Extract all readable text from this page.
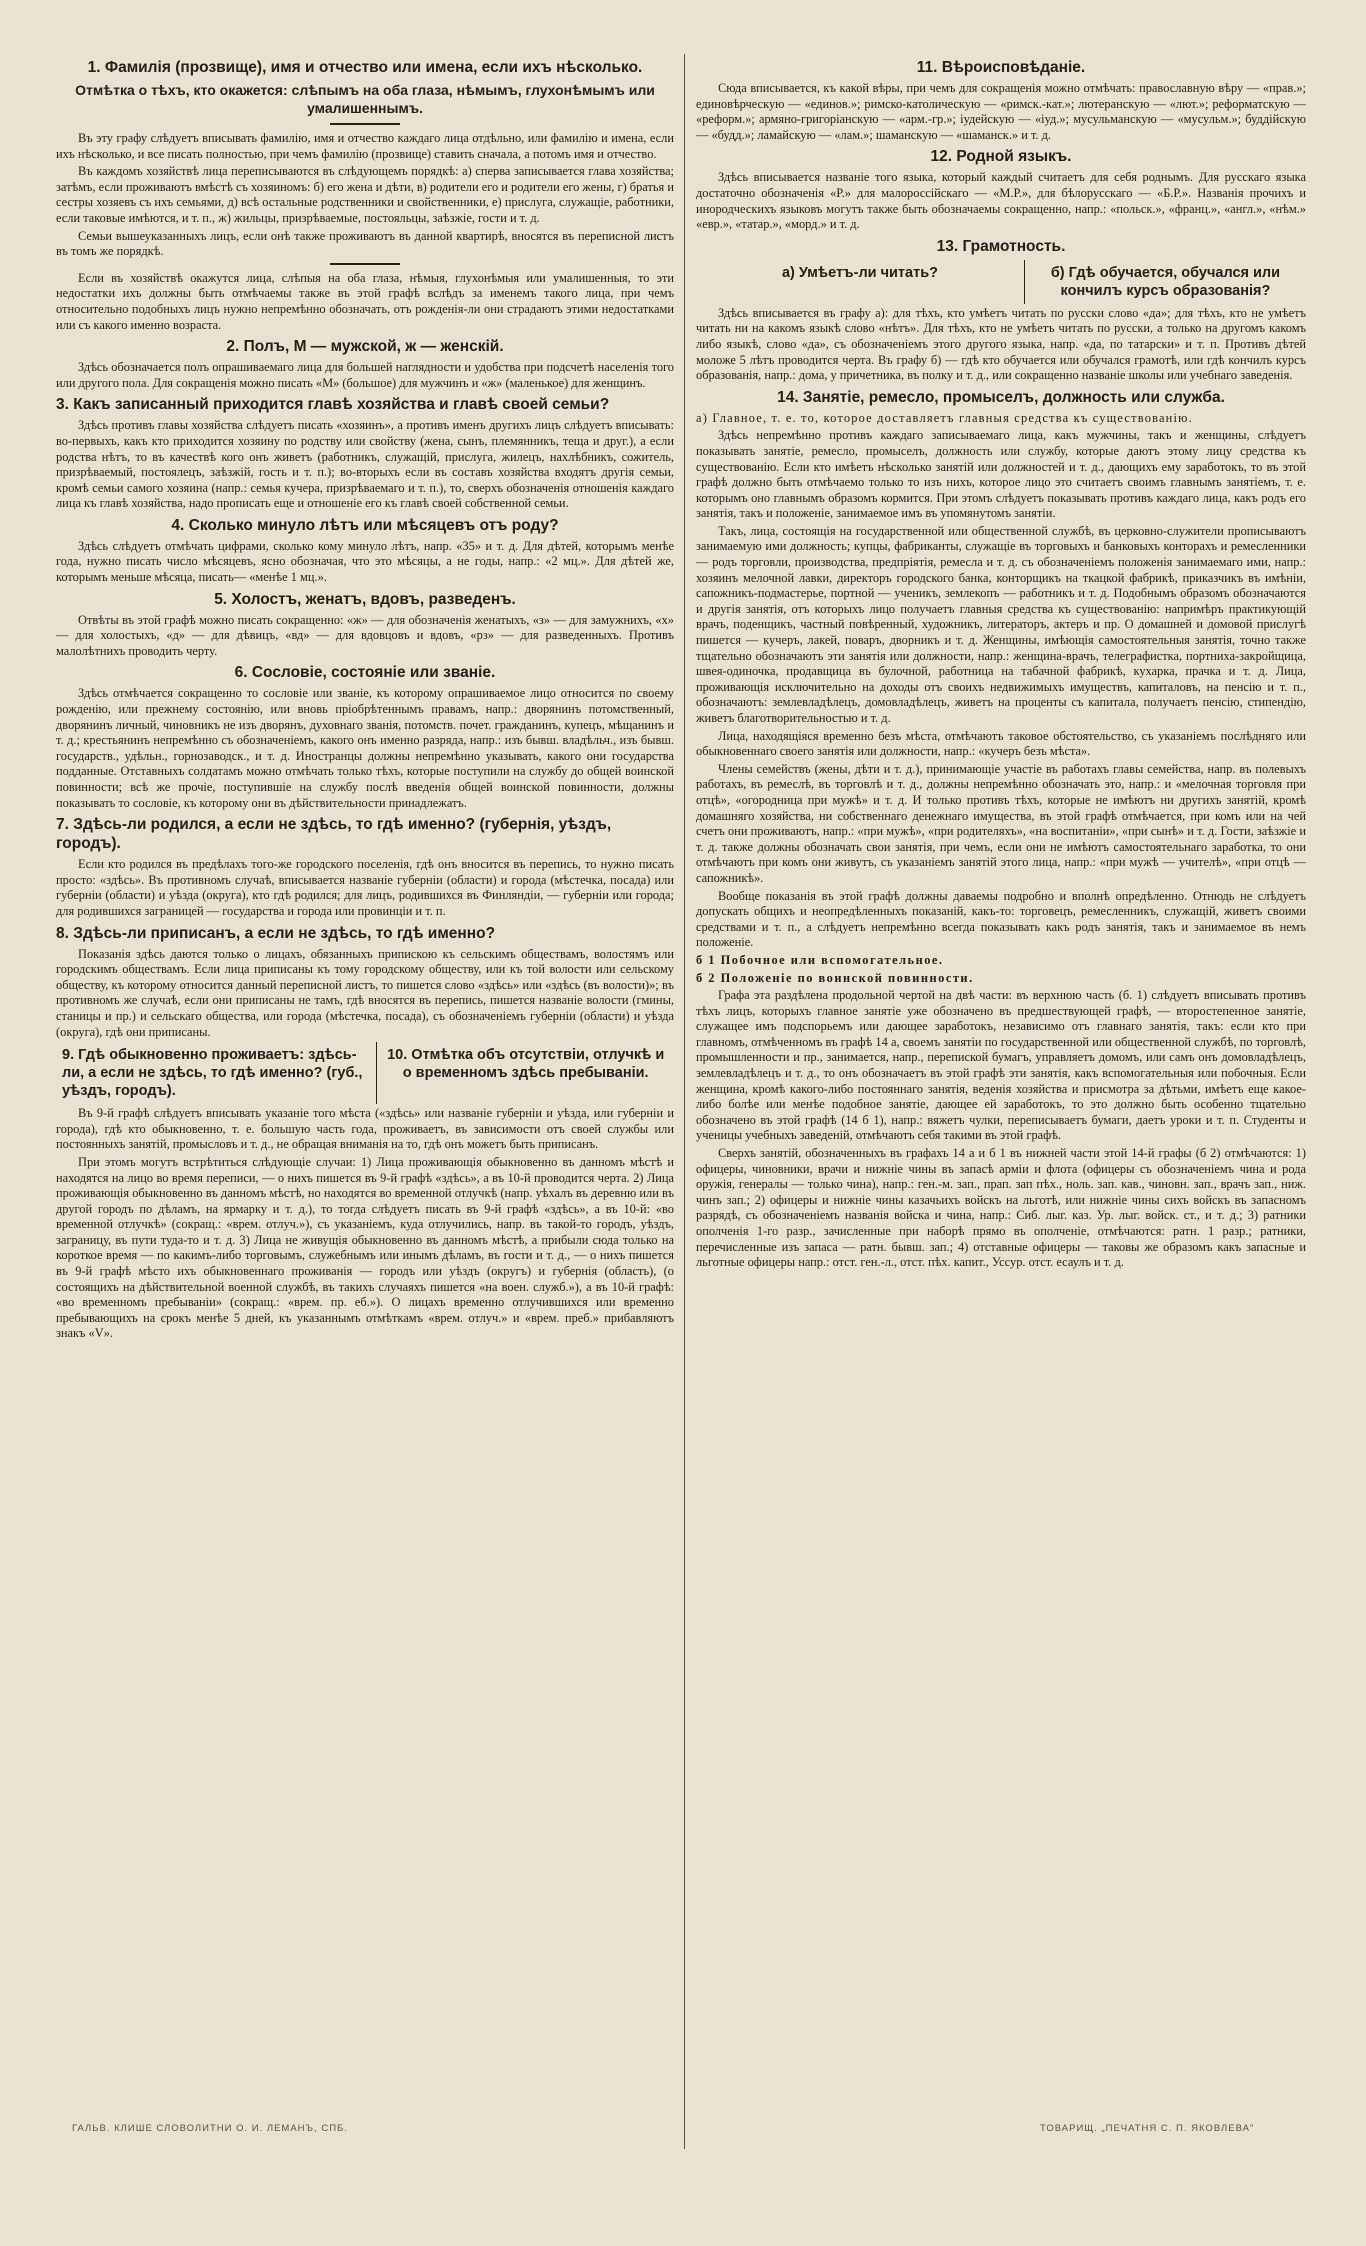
1. Фамилія (прозвище), имя и отчество или имена, если ихъ нѣсколько.
Отмѣтка о тѣхъ, кто окажется: слѣпымъ на оба глаза, нѣмымъ, глухонѣмымъ или умалишеннымъ.

Въ эту графу слѣдуетъ вписывать фамилію, имя и отчество каждаго лица отдѣльно, или фамилію и имена, если ихъ нѣсколько, и все писать полностью, при чемъ фамилію (прозвище) ставить сначала, а потомъ имя и отчество.

Въ каждомъ хозяйствѣ лица переписываются въ слѣдующемъ порядкѣ: а) сперва записывается глава хозяйства; затѣмъ, если проживаютъ вмѣстѣ съ хозяиномъ: б) его жена и дѣти, в) родители его и родители его жены, г) братья и сестры хозяевъ съ ихъ семьями, д) всѣ остальные родственники и свойственники, е) прислуга, служащіе, работники, если таковые имѣются, и т. п., ж) жильцы, призрѣваемые, постояльцы, заѣзжіе, гости и т. д.

Семьи вышеуказанныхъ лицъ, если онѣ также проживаютъ въ данной квартирѣ, вносятся въ переписной листъ въ томъ же порядкѣ.

Если въ хозяйствѣ окажутся лица, слѣпыя на оба глаза, нѣмыя, глухонѣмыя или умалишенныя, то эти недостатки ихъ должны быть отмѣчаемы также въ этой графѣ вслѣдъ за именемъ такого лица, при чемъ относительно подобныхъ лицъ нужно непремѣнно обозначать, отъ рожденія-ли они страдаютъ этими недостатками или съ какого именно возраста.

2. Полъ, М — мужской, ж — женскій.

Здѣсь обозначается полъ опрашиваемаго лица для большей наглядности и удобства при подсчетѣ населенія того или другого пола. Для сокращенія можно писать «М» (большое) для мужчинъ и «ж» (маленькое) для женщинъ.

3. Какъ записанный приходится главѣ хозяйства и главѣ своей семьи?

Здѣсь противъ главы хозяйства слѣдуетъ писать «хозяинъ», а противъ именъ другихъ лицъ слѣдуетъ вписывать: во-первыхъ, какъ кто приходится хозяину по родству или свойству (жена, сынъ, племянникъ, теща и друг.), а если родства нѣтъ, то въ качествѣ кого онъ живетъ (работникъ, служащій, прислуга, жилецъ, нахлѣбникъ, сожитель, призрѣваемый, постоялецъ, заѣзжій, гость и т. п.); во-вторыхъ если въ составъ хозяйства входятъ другія семьи, кромѣ семьи самого хозяина (напр.: семья кучера, призрѣваемаго и т. п.), то, сверхъ обозначенія отношенія каждаго лица къ главѣ хозяйства, надо прописать еще и отношеніе его къ главѣ своей собственной семьи.

4. Сколько минуло лѣтъ или мѣсяцевъ отъ роду?

Здѣсь слѣдуетъ отмѣчать цифрами, сколько кому минуло лѣтъ, напр. «35» и т. д. Для дѣтей, которымъ менѣе года, нужно писать число мѣсяцевъ, ясно обозначая, что это мѣсяцы, а не годы, напр.: «2 мц.». Для дѣтей же, которымъ меньше мѣсяца, писать— «менѣе 1 мц.».

5. Холостъ, женатъ, вдовъ, разведенъ.

Отвѣты въ этой графѣ можно писать сокращенно: «ж» — для обозначенія женатыхъ, «з» — для замужнихъ, «х» — для холостыхъ, «д» — для дѣвицъ, «вд» — для вдовцовъ и вдовъ, «рз» — для разведенныхъ. Противъ малолѣтнихъ проводить черту.

6. Сословіе, состояніе или званіе.

Здѣсь отмѣчается сокращенно то сословіе или званіе, къ которому опрашиваемое лицо относится по своему рожденію, или прежнему состоянію, или вновь пріобрѣтеннымъ правамъ, напр.: дворянинъ потомственный, дворянинъ личный, чиновникъ не изъ дворянъ, духовнаго званія, потомств. почет. гражданинъ, купецъ, мѣщанинъ и т. д.; крестьянинъ непремѣнно съ обозначеніемъ, какого онъ именно разряда, напр.: изъ бывш. владѣльч., изъ бывш. государств., удѣльн., горнозаводск., и т. д. Иностранцы должны непремѣнно указывать, какого они государства подданные. Отставныхъ солдатамъ можно отмѣчать только тѣхъ, которые поступили на службу до общей воинской повинности; всѣ же прочіе, поступившіе на службу послѣ введенія общей воинской повинности, должны показывать то сословіе, къ которому они въ дѣйствительности принадлежатъ.

7. Здѣсь-ли родился, а если не здѣсь, то гдѣ именно? (губернія, уѣздъ, городъ).

Если кто родился въ предѣлахъ того-же городского поселенія, гдѣ онъ вносится въ перепись, то нужно писать просто: «здѣсь». Въ противномъ случаѣ, вписывается названіе губерніи (области) и города (мѣстечка, посада) или губерніи (области) и уѣзда (округа), кто гдѣ родился; для лицъ, родившихся въ Финляндіи, — губерніи или города; для родившихся заграницей — государства и города или провинціи и т. п.

8. Здѣсь-ли приписанъ, а если не здѣсь, то гдѣ именно?

Показанія здѣсь даются только о лицахъ, обязанныхъ припискою къ сельскимъ обществамъ, волостямъ или городскимъ обществамъ. Если лица приписаны къ тому городскому обществу, или къ той волости или сельскому обществу, къ которому относится данный переписной листъ, то пишется слово «здѣсь» или «здѣсь (въ волости)»; въ противномъ же случаѣ, если они приписаны не тамъ, гдѣ вносятся въ перепись, пишется названіе волости (гмины, станицы и пр.) и сельскаго общества, или города (мѣстечка, посада), съ обозначеніемъ губерніи (области) и уѣзда (округа), гдѣ они приписаны.

9. Гдѣ обыкновенно проживаетъ: здѣсь-ли, а если не здѣсь, то гдѣ именно? (губ., уѣздъ, городъ).
10. Отмѣтка объ отсутствіи, отлучкѣ и о временномъ здѣсь пребываніи.

Въ 9-й графѣ слѣдуетъ вписывать указаніе того мѣста («здѣсь» или названіе губерніи и уѣзда, или губерніи и города), гдѣ кто обыкновенно, т. е. большую часть года, проживаетъ, въ зависимости отъ своей службы или постоянныхъ занятій, промысловъ и т. д., не обращая вниманія на то, гдѣ онъ можетъ быть приписанъ.

При этомъ могутъ встрѣтиться слѣдующіе случаи: 1) Лица проживающія обыкновенно въ данномъ мѣстѣ и находятся на лицо во время переписи, — о нихъ пишется въ 9-й графѣ «здѣсь», а въ 10-й проводится черта. 2) Лица проживающія обыкновенно въ данномъ мѣстѣ, но находятся во временной отлучкѣ (напр. уѣхалъ въ деревню или въ другой городъ по дѣламъ, на ярмарку и т. д.), то тогда слѣдуетъ писать въ 9-й графѣ «здѣсь», а въ 10-й: «во временной отлучкѣ» (сокращ.: «врем. отлуч.»), съ указаніемъ, куда отлучились, напр. въ такой-то городъ, уѣздъ, заграницу, въ пути туда-то и т. д. 3) Лица не живущія обыкновенно въ данномъ мѣстѣ, а прибыли сюда только на короткое время — по какимъ-либо торговымъ, служебнымъ или инымъ дѣламъ, въ гости и т. д., — о нихъ пишется въ 9-й графѣ мѣсто ихъ обыкновеннаго проживанія — городъ или уѣздъ (округъ) и губернія (область), (о состоящихъ на дѣйствительной военной службѣ, въ такихъ случаяхъ пишется «на воен. служб.»), а въ 10-й графѣ: «во временномъ пребываніи» (сокращ.: «врем. пр. еб.»). О лицахъ временно отлучившихся или временно пребывающихъ на срокъ менѣе 5 дней, къ указаннымъ отмѣткамъ «врем. отлуч.» и «врем. преб.» прибавляютъ знакъ «V».

11. Вѣроисповѣданіе.

Сюда вписывается, къ какой вѣры, при чемъ для сокращенія можно отмѣчать: православную вѣру — «прав.»; единовѣрческую — «единов.»; римско-католическую — «римск.-кат.»; лютеранскую — «лют.»; реформатскую — «реформ.»; армяно-григоріанскую — «арм.-гр.»; іудейскую — «іуд.»; мусульманскую — «мусульм.»; буддійскую — «будд.»; ламайскую — «лам.»; шаманскую — «шаманск.» и т. д.

12. Родной языкъ.

Здѣсь вписывается названіе того языка, который каждый считаетъ для себя роднымъ. Для русскаго языка достаточно обозначенія «Р.» для малороссійскаго — «М.Р.», для бѣлорусскаго — «Б.Р.». Названія прочихъ и инородческихъ языковъ могутъ также быть обозначаемы сокращенно, напр.: «польск.», «франц.», «англ.», «нѣм.» «евр.», «татар.», «морд.» и т. д.

13. Грамотность.
а) Умѣетъ-ли читать?	б) Гдѣ обучается, обучался или кончилъ курсъ образованія?

Здѣсь вписывается въ графу а): для тѣхъ, кто умѣетъ читать по русски слово «да»; для тѣхъ, кто не умѣетъ читать ни на какомъ языкѣ слово «нѣтъ». Для тѣхъ, кто не умѣетъ читать по русски, а только на другомъ какомъ либо языкѣ, слово «да», съ обозначеніемъ этого другого языка, напр. «да, по татарски» и т. п. Противъ дѣтей моложе 5 лѣтъ проводится черта. Въ графу б) — гдѣ кто обучается или обучался грамотѣ, или гдѣ кончилъ курсъ образованія, напр.: дома, у причетника, въ полку и т. д., или сокращенно названіе школы или учебнаго заведенія.

14. Занятіе, ремесло, промыселъ, должность или служба.

а) Главное, т. е. то, которое доставляетъ главныя средства къ существованію.

Здѣсь непремѣнно противъ каждаго записываемаго лица, какъ мужчины, такъ и женщины, слѣдуетъ показывать занятіе, ремесло, промыселъ, должность или службу, которые даютъ этому лицу средства къ существованію. Если кто имѣетъ нѣсколько занятій или должностей и т. д., дающихъ ему заработокъ, то въ этой графѣ должно быть отмѣчаемо только то изъ нихъ, которое лицо это считаетъ своимъ главнымъ занятіемъ, т. е. которымъ оно главнымъ образомъ кормится. При этомъ слѣдуетъ показывать противъ каждаго лица, какъ родъ его занятія, такъ и положеніе, занимаемое имъ въ упомянутомъ занятіи.

Такъ, лица, состоящія на государственной или общественной службѣ, въ церковно-служители прописываютъ занимаемую ими должность; купцы, фабриканты, служащіе въ торговыхъ и банковыхъ конторахъ и ремесленники — родъ торговли, производства, предпріятія, ремесла и т. д. съ обозначеніемъ положенія занимаемаго ими, напр.: хозяинъ мелочной лавки, директоръ городского банка, конторщикъ на ткацкой фабрикѣ, приказчикъ въ имѣніи, сапожникъ-подмастерье, портной — ученикъ, землекопъ — работникъ и т. д. Подобнымъ образомъ обозначаются и другія занятія, отъ которыхъ лицо получаетъ главныя средства къ существованію: напримѣръ практикующій врачъ, поденщикъ, частный повѣренный, художникъ, литераторъ, актеръ и пр. О домашней и домовой прислугѣ пишется — кучеръ, лакей, поваръ, дворникъ и т. д. Женщины, имѣющія самостоятельныя занятія, точно также тщательно обозначаютъ эти занятія или должности, напр.: женщина-врачъ, телеграфистка, портниха-закройщица, швея-одиночка, продавщица въ булочной, работница на табачной фабрикѣ, кухарка, прачка и т. д. Лица, проживающія исключительно на доходы отъ своихъ недвижимыхъ имуществъ, капиталовъ, на пенсію и т. п., обозначаютъ: землевладѣлецъ, домовладѣлецъ, живетъ на проценты съ капитала, получаетъ пенсію, стипендію, живетъ благотворительностью и т. д.

Лица, находящіяся временно безъ мѣста, отмѣчаютъ таковое обстоятельство, съ указаніемъ послѣдняго или обыкновеннаго своего занятія или должности, напр.: «кучеръ безъ мѣста».

Члены семействъ (жены, дѣти и т. д.), принимающіе участіе въ работахъ главы семейства, напр. въ полевыхъ работахъ, въ ремеслѣ, въ торговлѣ и т. д., должны непремѣнно обозначать это, напр.: и «мелочная торговля при отцѣ», «огородница при мужѣ» и т. д. И только противъ тѣхъ, которые не имѣютъ ни другихъ занятій, кромѣ домашняго хозяйства, ни собственнаго денежнаго имущества, въ этой графѣ отмѣчается, при комъ или на чей счетъ они проживаютъ, напр.: «при мужѣ», «при родителяхъ», «на воспитаніи», «при сынѣ» и т. д. Гости, заѣзжіе и т. д. также должны обозначать свои занятія, при чемъ, если они не имѣютъ самостоятельнаго заработка, то они отмѣчаютъ при комъ они живутъ, съ указаніемъ занятій этого лица, напр.: «при мужѣ — учителѣ», «при отцѣ — сапожникѣ».

Вообще показанія въ этой графѣ должны даваемы подробно и вполнѣ опредѣленно. Отнюдь не слѣдуетъ допускать общихъ и неопредѣленныхъ показаній, какъ-то: торговецъ, ремесленникъ, служащій, живетъ своими средствами и т. п., а слѣдуетъ непремѣнно всегда показывать какъ родъ занятія, такъ и занимаемое въ немъ положеніе.

б 1 Побочное или вспомогательное.

б 2 Положеніе по воинской повинности.

Графа эта раздѣлена продольной чертой на двѣ части: въ верхнюю часть (б. 1) слѣдуетъ вписывать противъ тѣхъ лицъ, которыхъ главное занятіе уже обозначено въ предшествующей графѣ, — второстепенное занятіе, служащее имъ подспорьемъ или дающее заработокъ, независимо отъ главнаго занятія, такъ: если кто при главномъ, отмѣченномъ въ графѣ 14 а, своемъ занятіи по государственной или общественной службѣ, по торговлѣ, промышленности и пр., занимается, напр., перепиской бумагъ, управляетъ домомъ, или самъ онъ домовладѣлецъ, землевладѣлецъ и т. д., то онъ обозначаетъ въ этой графѣ эти занятія, какъ вспомогательныя или побочныя. Если женщина, кромѣ какого-либо постояннаго занятія, веденія хозяйства и присмотра за дѣтьми, имѣетъ еще какое-либо болѣе или менѣе подобное занятіе, дающее ей заработокъ, то это должно быть особенно тщательно обозначено въ этой графѣ (14 б 1), напр.: вяжетъ чулки, переписываетъ бумаги, даетъ уроки и т. п. Студенты и ученицы учебныхъ заведеній, отмѣчаютъ себя такими въ этой графѣ.

Сверхъ занятій, обозначенныхъ въ графахъ 14 а и б 1 въ нижней части этой 14-й графы (б 2) отмѣчаются: 1) офицеры, чиновники, врачи и нижніе чины въ запасѣ арміи и флота (офицеры съ обозначеніемъ чина и рода оружія, генералы — только чина), напр.: ген.-м. зап., прап. зап пѣх., ноль. зап. кав., чиновн. зап., врачъ зап., ниж. чинъ зап.; 2) офицеры и нижніе чины казачьихъ войскъ на льготѣ, или нижніе чины сихъ войскъ въ запасномъ разрядѣ, съ обозначеніемъ названія войска и чина, напр.: Сиб. лыг. каз. Ур. лыг. войск. ст., и т. д.; 3) ратники ополченія 1-го разр., зачисленные при наборѣ прямо въ ополченіе, отмѣчаются: ратн. 1 разр.; ратники, перечисленные изъ запаса — ратн. бывш. зап.; 4) отставные офицеры — таковы же образомъ какъ запасные и льготные офицеры напр.: отст. ген.-л., отст. пѣх. капит., Уссур. отст. есаулъ и т. д.

ГАЛЬВ. КЛИШЕ СЛОВОЛИТНИ О. И. ЛЕМАНЪ, СПБ.	ТОВАРИЩ. „ПЕЧАТНЯ С. П. ЯКОВЛЕВА"
